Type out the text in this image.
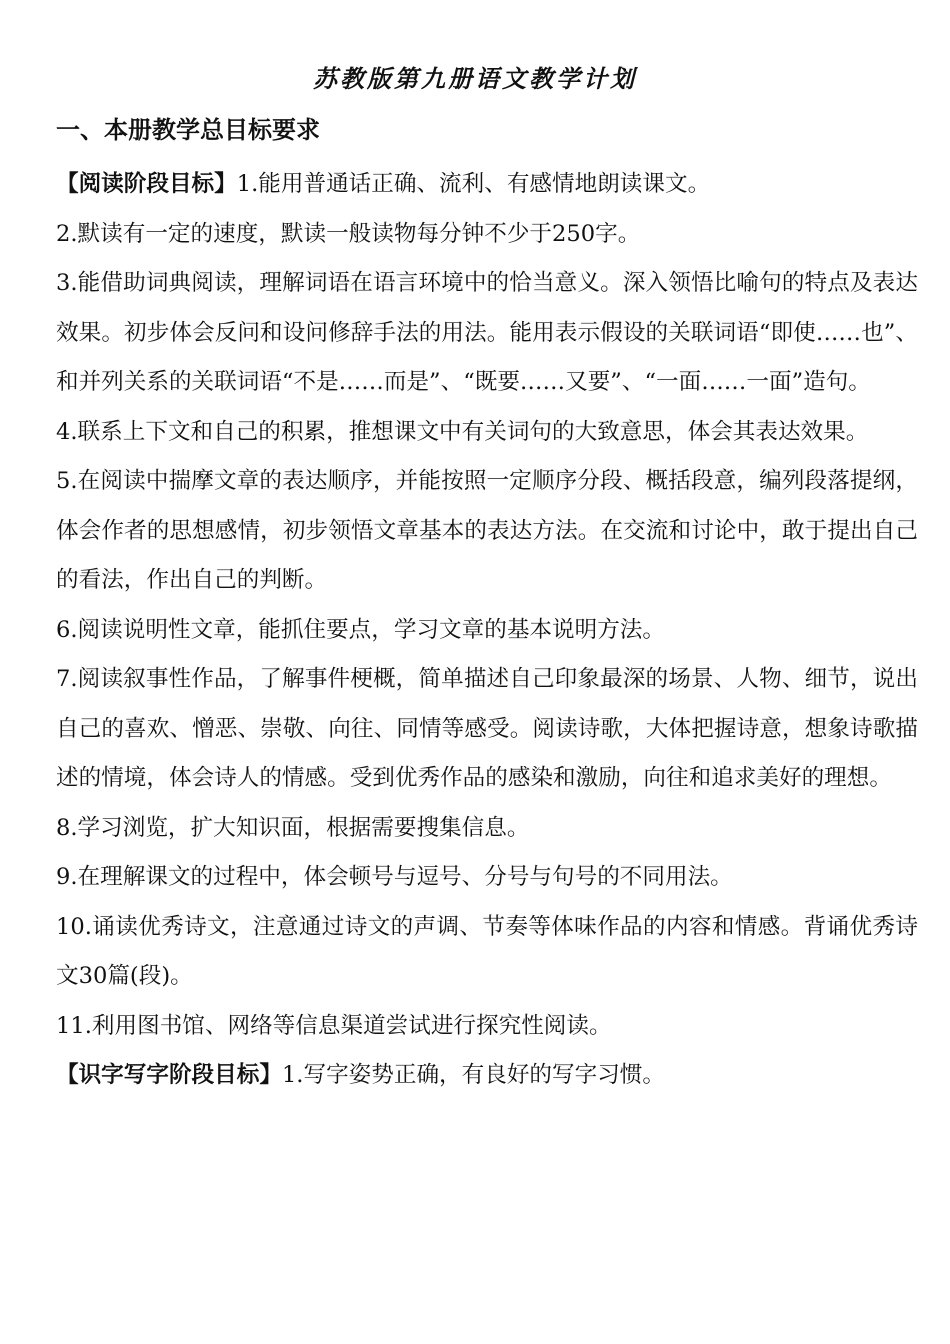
苏教版第九册语文教学计划
一、本册教学总目标要求

【阅读阶段目标】1.能用普通话正确、流利、有感情地朗读课文。

2.默读有一定的速度，默读一般读物每分钟不少于250字。

3.能借助词典阅读，理解词语在语言环境中的恰当意义。深入领悟比喻句的特点及表达效果。初步体会反问和设问修辞手法的用法。能用表示假设的关联词语“即使……也”、和并列关系的关联词语“不是……而是”、“既要……又要”、“一面……一面”造句。

4.联系上下文和自己的积累，推想课文中有关词句的大致意思，体会其表达效果。

5.在阅读中揣摩文章的表达顺序，并能按照一定顺序分段、概括段意，编列段落提纲，体会作者的思想感情，初步领悟文章基本的表达方法。在交流和讨论中，敢于提出自己的看法，作出自己的判断。

6.阅读说明性文章，能抓住要点，学习文章的基本说明方法。

7.阅读叙事性作品，了解事件梗概，简单描述自己印象最深的场景、人物、细节，说出自己的喜欢、憎恶、崇敬、向往、同情等感受。阅读诗歌，大体把握诗意，想象诗歌描述的情境，体会诗人的情感。受到优秀作品的感染和激励，向往和追求美好的理想。

8.学习浏览，扩大知识面，根据需要搜集信息。

9.在理解课文的过程中，体会顿号与逗号、分号与句号的不同用法。

10.诵读优秀诗文，注意通过诗文的声调、节奏等体味作品的内容和情感。背诵优秀诗文30篇(段)。

11.利用图书馆、网络等信息渠道尝试进行探究性阅读。

【识字写字阶段目标】1.写字姿势正确，有良好的写字习惯。
